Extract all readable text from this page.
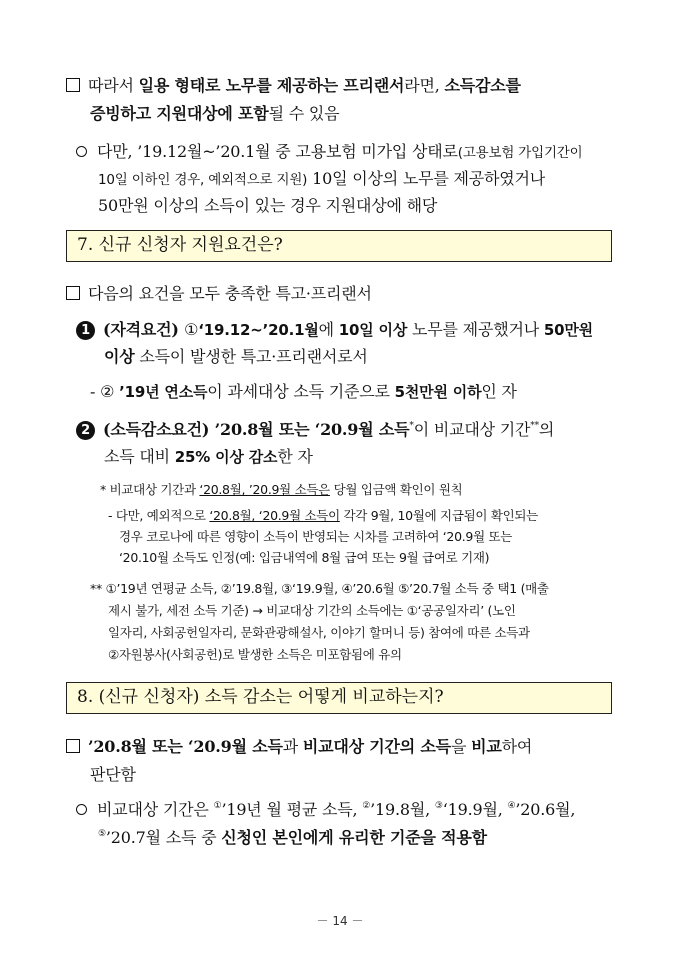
따라서 일용 형태로 노무를 제공하는 프리랜서라면, 소득감소를
증빙하고 지원대상에 포함될 수 있음
다만, ’19.12월~’20.1월 중 고용보험 미가입 상태로(고용보험 가입기간이
10일 이하인 경우, 예외적으로 지원) 10일 이상의 노무를 제공하였거나
50만원 이상의 소득이 있는 경우 지원대상에 해당
7. 신규 신청자 지원요건은?
다음의 요건을 모두 충족한 특고·프리랜서
1 (자격요건) ①‘19.12~’20.1월에 10일 이상 노무를 제공했거나 50만원
이상 소득이 발생한 특고·프리랜서로서
- ② ’19년 연소득이 과세대상 소득 기준으로 5천만원 이하인 자
2 (소득감소요건) ’20.8월 또는 ‘20.9월 소득*이 비교대상 기간**의
소득 대비 25% 이상 감소한 자
* 비교대상 기간과 ‘20.8월, ’20.9월 소득은 당월 입금액 확인이 원칙
- 다만, 예외적으로 ‘20.8월, ‘20.9월 소득이 각각 9월, 10월에 지급됨이 확인되는
경우 코로나에 따른 영향이 소득이 반영되는 시차를 고려하여 ‘20.9월 또는
‘20.10월 소득도 인정(예: 입금내역에 8월 급여 또는 9월 급여로 기재)
** ①’19년 연평균 소득, ②’19.8월, ③‘19.9월, ④’20.6월 ⑤’20.7월 소득 중 택1 (매출
제시 불가, 세전 소득 기준) → 비교대상 기간의 소득에는 ①‘공공일자리’ (노인
일자리, 사회공헌일자리, 문화관광해설사, 이야기 할머니 등) 참여에 따른 소득과
②자원봉사(사회공헌)로 발생한 소득은 미포함됨에 유의
8. (신규 신청자) 소득 감소는 어떻게 비교하는지?
’20.8월 또는 ‘20.9월 소득과 비교대상 기간의 소득을 비교하여
판단함
비교대상 기간은 ①’19년 월 평균 소득, ②’19.8월, ③‘19.9월, ④’20.6월,
⑤’20.7월 소득 중 신청인 본인에게 유리한 기준을 적용함
－ 14 －
